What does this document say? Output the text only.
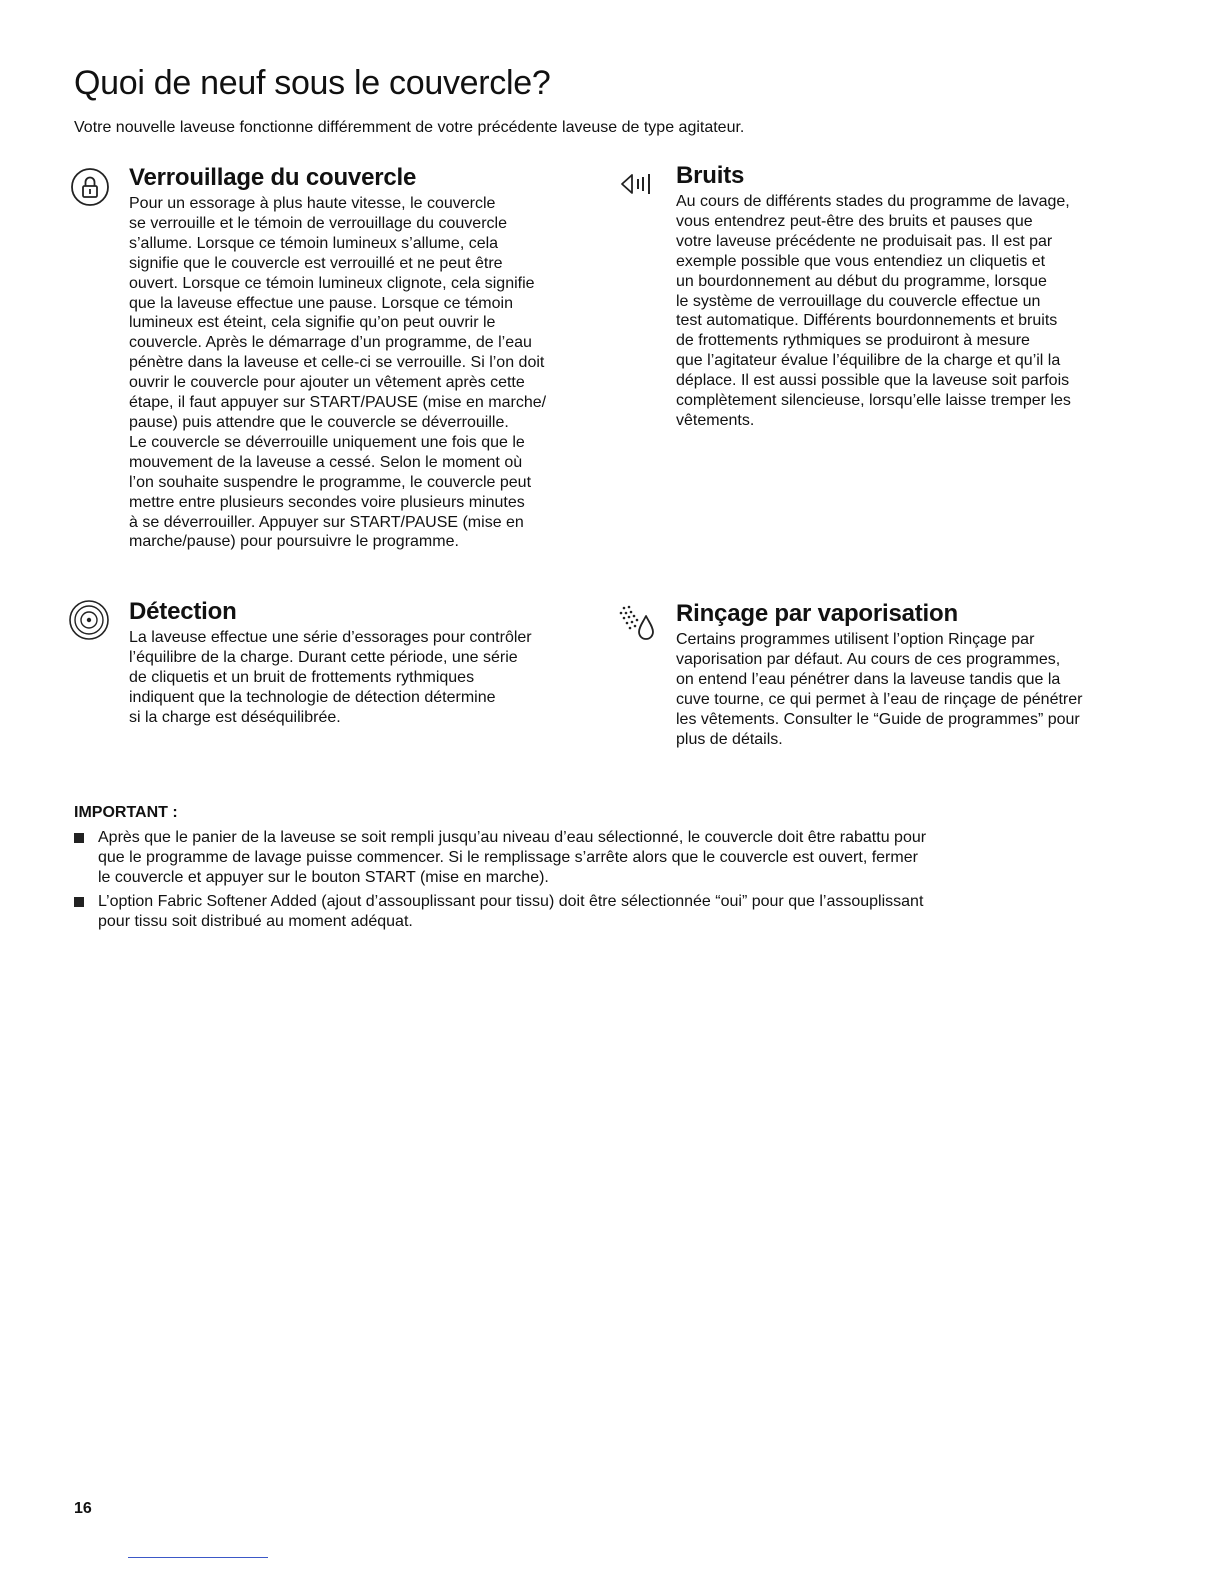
Quoi de neuf sous le couvercle?
Votre nouvelle laveuse fonctionne différemment de votre précédente laveuse de type agitateur.
Verrouillage du couvercle
Pour un essorage à plus haute vitesse, le couvercle
se verrouille et le témoin de verrouillage du couvercle
s’allume. Lorsque ce témoin lumineux s’allume, cela
signifie que le couvercle est verrouillé et ne peut être
ouvert. Lorsque ce témoin lumineux clignote, cela signifie
que la laveuse effectue une pause. Lorsque ce témoin
lumineux est éteint, cela signifie qu’on peut ouvrir le
couvercle. Après le démarrage d’un programme, de l’eau
pénètre dans la laveuse et celle-ci se verrouille. Si l’on doit
ouvrir le couvercle pour ajouter un vêtement après cette
étape, il faut appuyer sur START/PAUSE (mise en marche/
pause) puis attendre que le couvercle se déverrouille.
Le couvercle se déverrouille uniquement une fois que le
mouvement de la laveuse a cessé. Selon le moment où
l’on souhaite suspendre le programme, le couvercle peut
mettre entre plusieurs secondes voire plusieurs minutes
à se déverrouiller. Appuyer sur START/PAUSE (mise en
marche/pause) pour poursuivre le programme.
Bruits
Au cours de différents stades du programme de lavage,
vous entendrez peut-être des bruits et pauses que
votre laveuse précédente ne produisait pas. Il est par
exemple possible que vous entendiez un cliquetis et
un bourdonnement au début du programme, lorsque
le système de verrouillage du couvercle effectue un
test automatique. Différents bourdonnements et bruits
de frottements rythmiques se produiront à mesure
que l’agitateur évalue l’équilibre de la charge et qu’il la
déplace. Il est aussi possible que la laveuse soit parfois
complètement silencieuse, lorsqu’elle laisse tremper les
vêtements.
Détection
La laveuse effectue une série d’essorages pour contrôler
l’équilibre de la charge. Durant cette période, une série
de cliquetis et un bruit de frottements rythmiques
indiquent que la technologie de détection détermine
si la charge est déséquilibrée.
Rinçage par vaporisation
Certains programmes utilisent l’option Rinçage par
vaporisation par défaut. Au cours de ces programmes,
on entend l’eau pénétrer dans la laveuse tandis que la
cuve tourne, ce qui permet à l’eau de rinçage de pénétrer
les vêtements. Consulter le “Guide de programmes” pour
plus de détails.
IMPORTANT :
Après que le panier de la laveuse se soit rempli jusqu’au niveau d’eau sélectionné, le couvercle doit être rabattu pour
que le programme de lavage puisse commencer. Si le remplissage s’arrête alors que le couvercle est ouvert, fermer
le couvercle et appuyer sur le bouton START (mise en marche).
L’option Fabric Softener Added (ajout d’assouplissant pour tissu) doit être sélectionnée “oui” pour que l’assouplissant
pour tissu soit distribué au moment adéquat.
16
